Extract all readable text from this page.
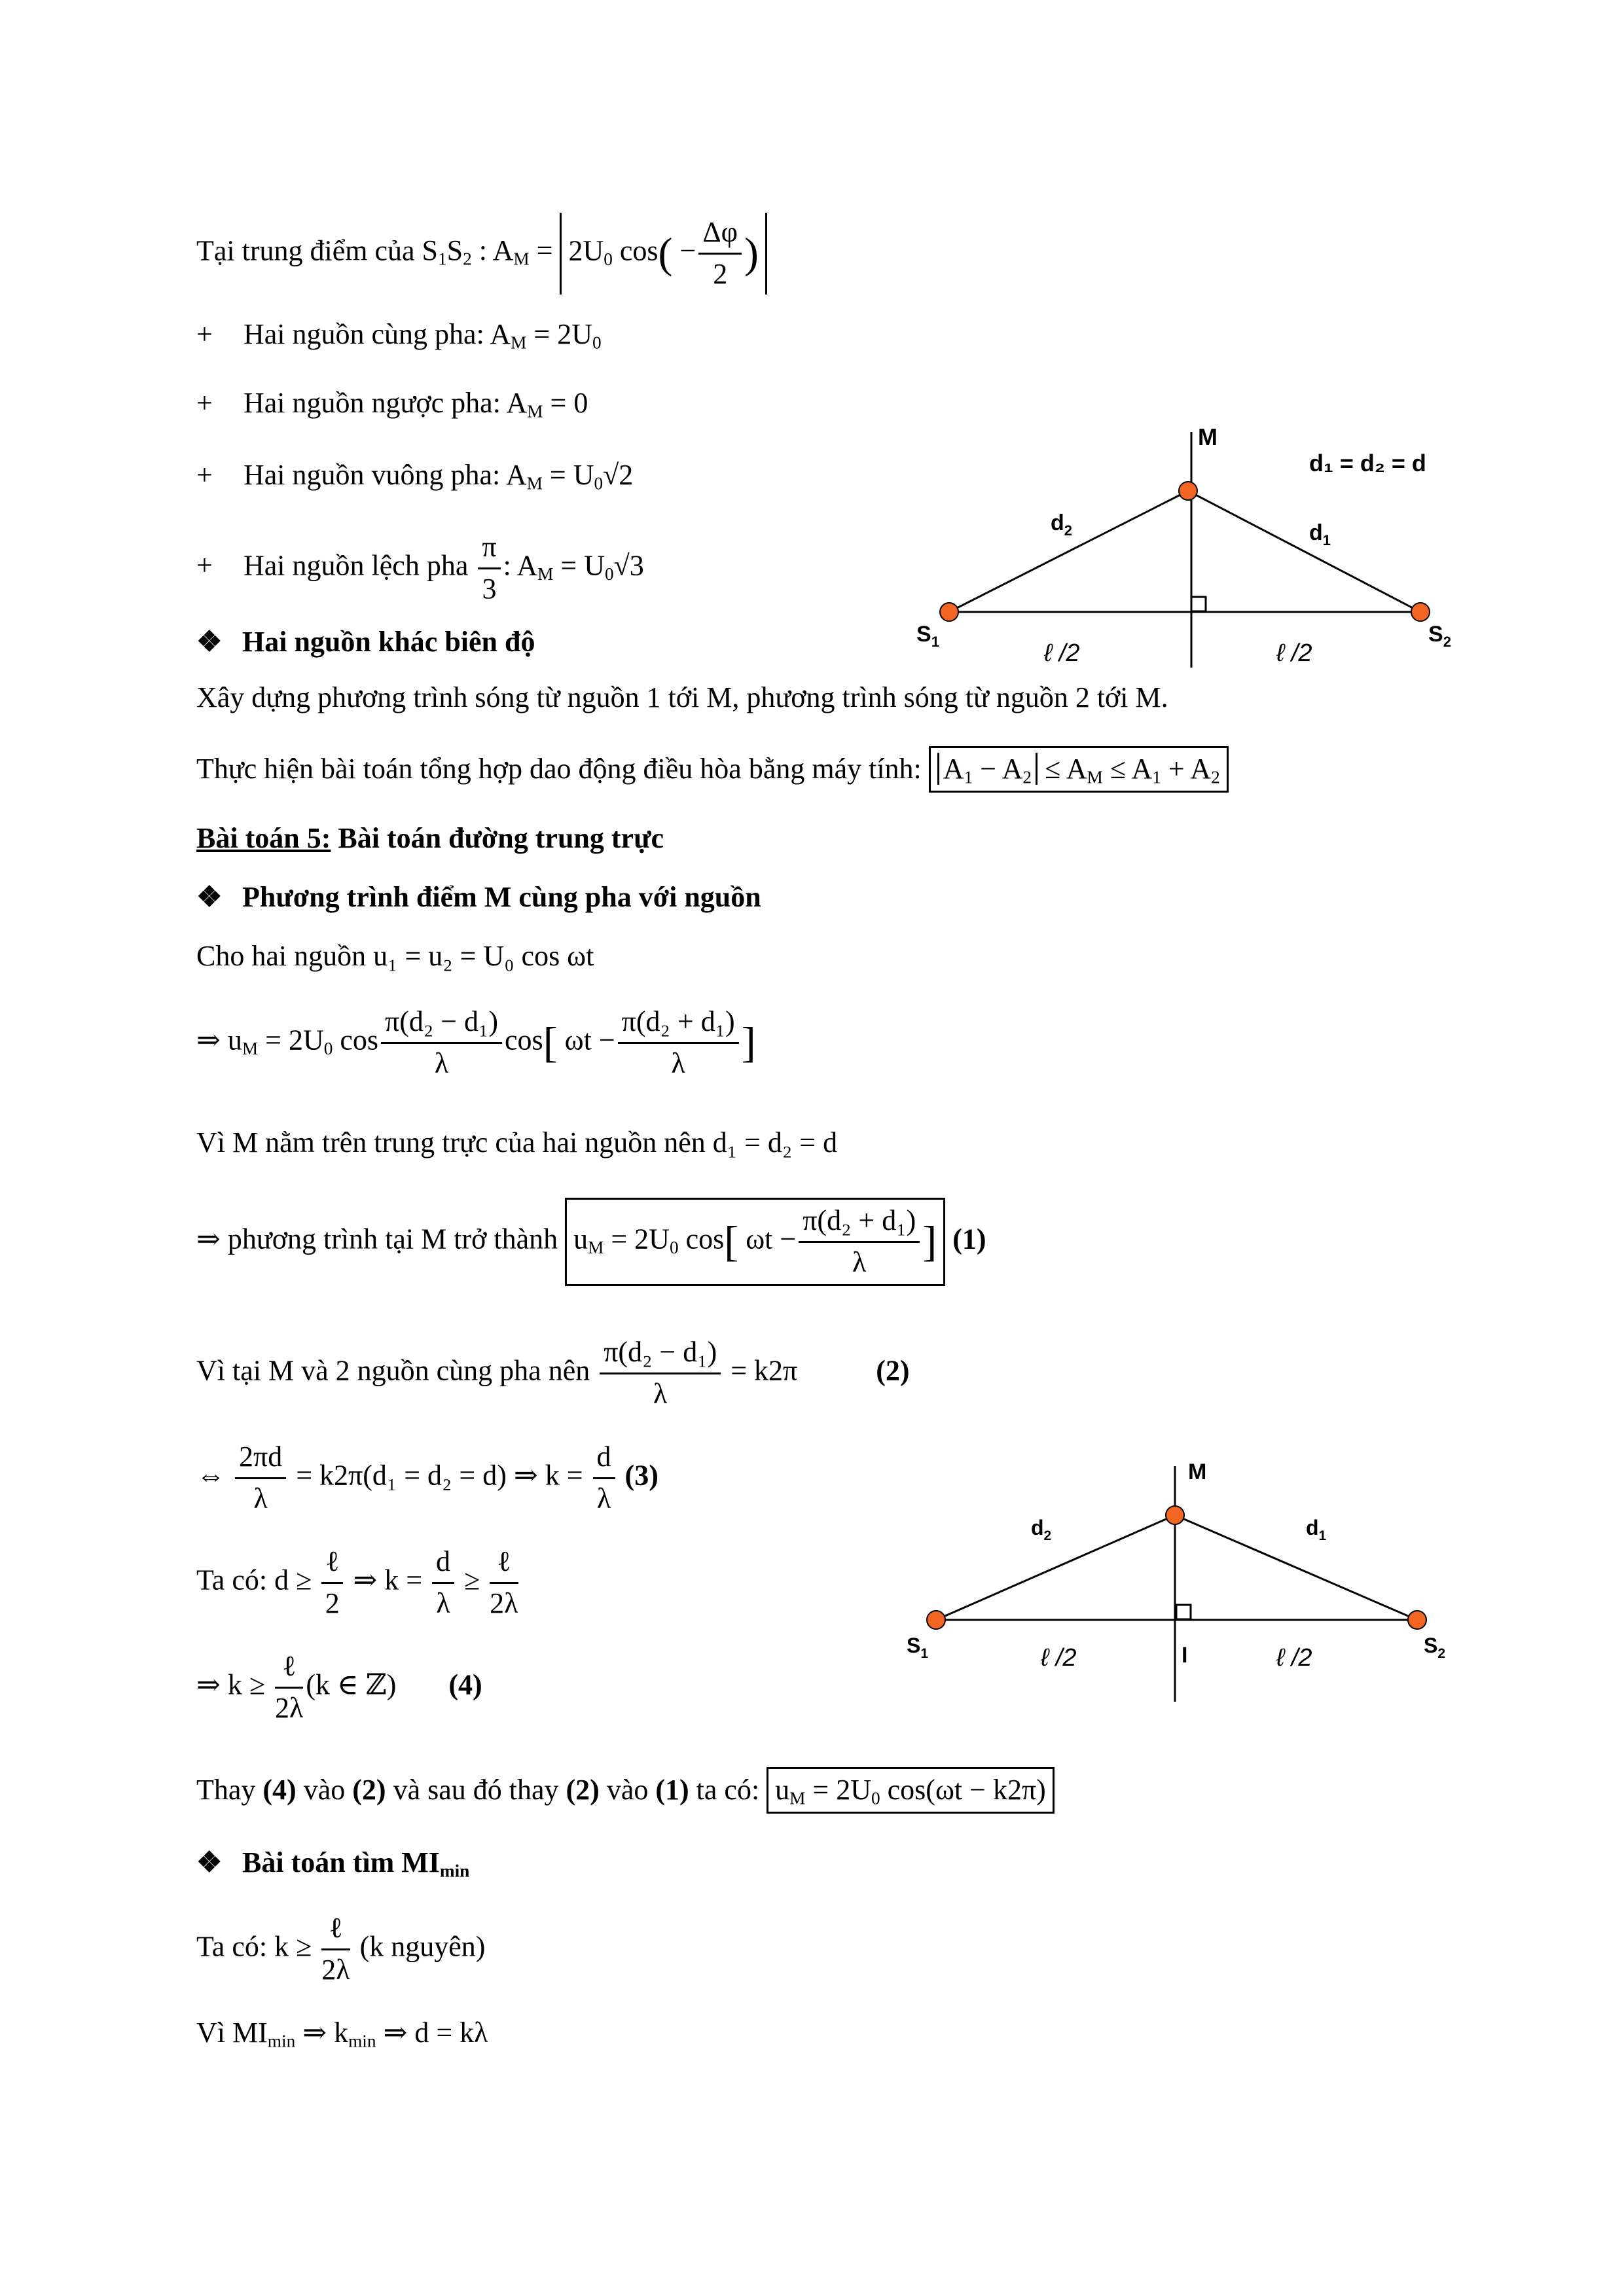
Tại trung điểm của $S_1S_2$ : $A_M = 2U_0$ $\cos( - \frac{\Delta\varphi}{2}$ )
+ Hai nguồn cùng pha: $A_M = 2U_0$
+ Hai nguồn ngược pha: $A_M = 0$
+ Hai nguồn vuông pha: $A_M = U_0√2$
+ Hai nguồn lệch pha $\frac{\pi}{3}$ : $A_M = U_0√3$
M
$S_1$	$S_2$
$d_2$	$d_1$
d₁ = d₂ = d
ℓ /2	ℓ /2
❖ Hai nguồn khác biên độ
Xây dựng phương trình sóng từ nguồn 1 tới M, phương trình sóng từ nguồn 2 tới M.
Thực hiện bài toán tổng hợp dao động điều hòa bằng máy tính: $A_1 - A_2 \le A_M \le A_1 + A_2$
Bài toán 5: Bài toán đường trung trực
❖ Phương trình điểm M cùng pha với nguồn
Cho hai nguồn u₁ = u₂ = U₀ cos ωt
⇒ $u_M = 2U_0$ $\cos \frac{\text{π(d₂ − d₁)}}{\lambda} \cos$[ $\omega t - \frac{\text{π(d₂ + d₁)}}{\lambda}$ ]
Vì M nằm trên trung trực của hai nguồn nên d₁ = d₂ = d
⇒ phương trình tại M trở thành $u_M = 2U_0$ cos[ $\omega t - \frac{\text{π(d₂ + d₁)}}{\lambda}$ ] (1)
Vì tại M và 2 nguồn cùng pha nên $\frac{\text{π(d₂ − d₁)}}{\lambda} = k2\pi$	(2)
⇔ $\frac{2\pi d}{\lambda} = k2\pi(d_1 = d_2 = d)$ ⇒ $k = \frac{d}{\lambda} (3)$
Ta có: $d \ge \frac{\text{ℓ}}{2}$ ⇒ $k = \frac{d}{\lambda} \ge \frac{\text{ℓ}}{2\lambda}$
⇒ $k \ge \frac{\text{ℓ}}{2\lambda} (k$ ∈ ℤ) (4)
M
$S_1$	$S_2$
$d_2$	$d_1$
I
ℓ /2	ℓ /2
Thay (4) vào (2) và sau đó thay (2) vào (1) ta có: $u_M = 2U_0$ cos(ωt − k2π)
❖ Bài toán tìm $MI_{min}$
Ta có: $k \ge \frac{\text{ℓ}}{2\lambda} (k$ nguyên)
Vì $MI_{min}$ ⇒ $k_{min}$ ⇒ d = kλ
